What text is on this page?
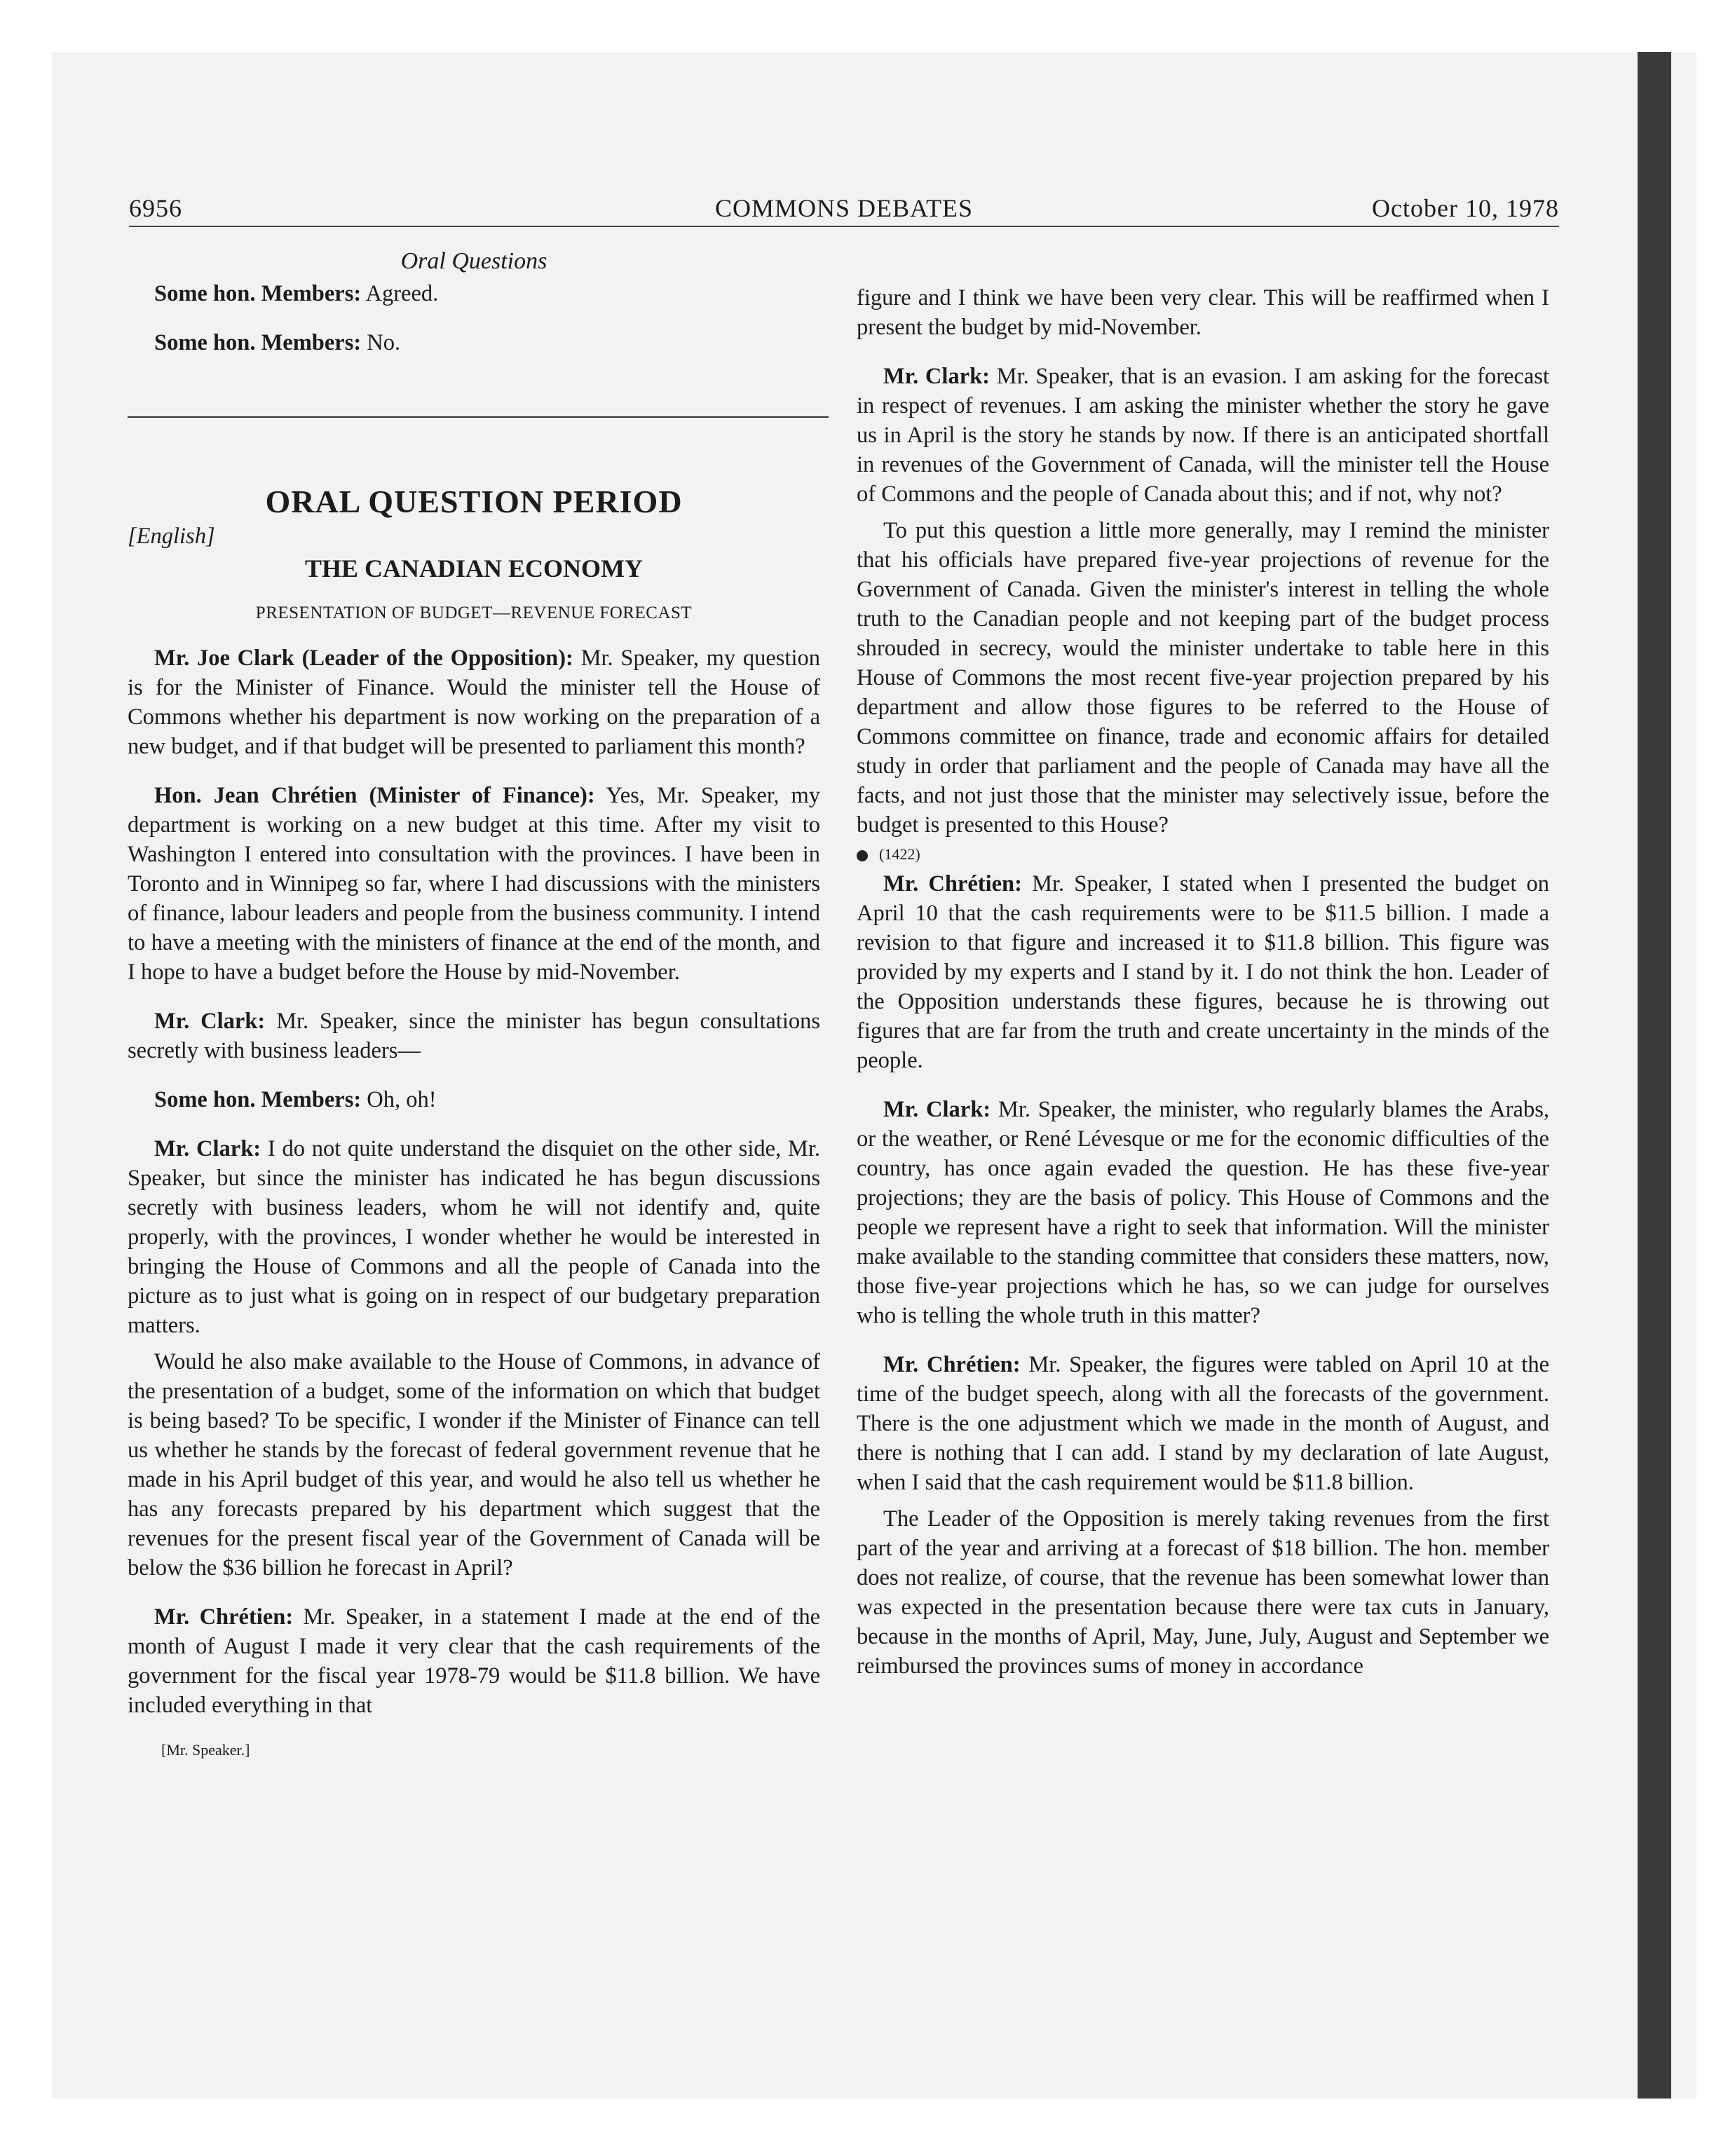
6956	COMMONS DEBATES	October 10, 1978
Oral Questions

Some hon. Members: Agreed.

Some hon. Members: No.

ORAL QUESTION PERIOD

[English]

THE CANADIAN ECONOMY
PRESENTATION OF BUDGET—REVENUE FORECAST

Mr. Joe Clark (Leader of the Opposition): Mr. Speaker, my question is for the Minister of Finance. Would the minister tell the House of Commons whether his department is now working on the preparation of a new budget, and if that budget will be presented to parliament this month?

Hon. Jean Chrétien (Minister of Finance): Yes, Mr. Speaker, my department is working on a new budget at this time. After my visit to Washington I entered into consultation with the provinces. I have been in Toronto and in Winnipeg so far, where I had discussions with the ministers of finance, labour leaders and people from the business community. I intend to have a meeting with the ministers of finance at the end of the month, and I hope to have a budget before the House by mid-November.

Mr. Clark: Mr. Speaker, since the minister has begun consultations secretly with business leaders—

Some hon. Members: Oh, oh!

Mr. Clark: I do not quite understand the disquiet on the other side, Mr. Speaker, but since the minister has indicated he has begun discussions secretly with business leaders, whom he will not identify and, quite properly, with the provinces, I wonder whether he would be interested in bringing the House of Commons and all the people of Canada into the picture as to just what is going on in respect of our budgetary preparation matters.

Would he also make available to the House of Commons, in advance of the presentation of a budget, some of the information on which that budget is being based? To be specific, I wonder if the Minister of Finance can tell us whether he stands by the forecast of federal government revenue that he made in his April budget of this year, and would he also tell us whether he has any forecasts prepared by his department which suggest that the revenues for the present fiscal year of the Government of Canada will be below the $36 billion he forecast in April?

Mr. Chrétien: Mr. Speaker, in a statement I made at the end of the month of August I made it very clear that the cash requirements of the government for the fiscal year 1978-79 would be $11.8 billion. We have included everything in that

[Mr. Speaker.]

figure and I think we have been very clear. This will be reaffirmed when I present the budget by mid-November.

Mr. Clark: Mr. Speaker, that is an evasion. I am asking for the forecast in respect of revenues. I am asking the minister whether the story he gave us in April is the story he stands by now. If there is an anticipated shortfall in revenues of the Government of Canada, will the minister tell the House of Commons and the people of Canada about this; and if not, why not?

To put this question a little more generally, may I remind the minister that his officials have prepared five-year projections of revenue for the Government of Canada. Given the minister's interest in telling the whole truth to the Canadian people and not keeping part of the budget process shrouded in secrecy, would the minister undertake to table here in this House of Commons the most recent five-year projection prepared by his department and allow those figures to be referred to the House of Commons committee on finance, trade and economic affairs for detailed study in order that parliament and the people of Canada may have all the facts, and not just those that the minister may selectively issue, before the budget is presented to this House?

(1422)

Mr. Chrétien: Mr. Speaker, I stated when I presented the budget on April 10 that the cash requirements were to be $11.5 billion. I made a revision to that figure and increased it to $11.8 billion. This figure was provided by my experts and I stand by it. I do not think the hon. Leader of the Opposition understands these figures, because he is throwing out figures that are far from the truth and create uncertainty in the minds of the people.

Mr. Clark: Mr. Speaker, the minister, who regularly blames the Arabs, or the weather, or René Lévesque or me for the economic difficulties of the country, has once again evaded the question. He has these five-year projections; they are the basis of policy. This House of Commons and the people we represent have a right to seek that information. Will the minister make available to the standing committee that considers these matters, now, those five-year projections which he has, so we can judge for ourselves who is telling the whole truth in this matter?

Mr. Chrétien: Mr. Speaker, the figures were tabled on April 10 at the time of the budget speech, along with all the forecasts of the government. There is the one adjustment which we made in the month of August, and there is nothing that I can add. I stand by my declaration of late August, when I said that the cash requirement would be $11.8 billion.

The Leader of the Opposition is merely taking revenues from the first part of the year and arriving at a forecast of $18 billion. The hon. member does not realize, of course, that the revenue has been somewhat lower than was expected in the presentation because there were tax cuts in January, because in the months of April, May, June, July, August and September we reimbursed the provinces sums of money in accordance
